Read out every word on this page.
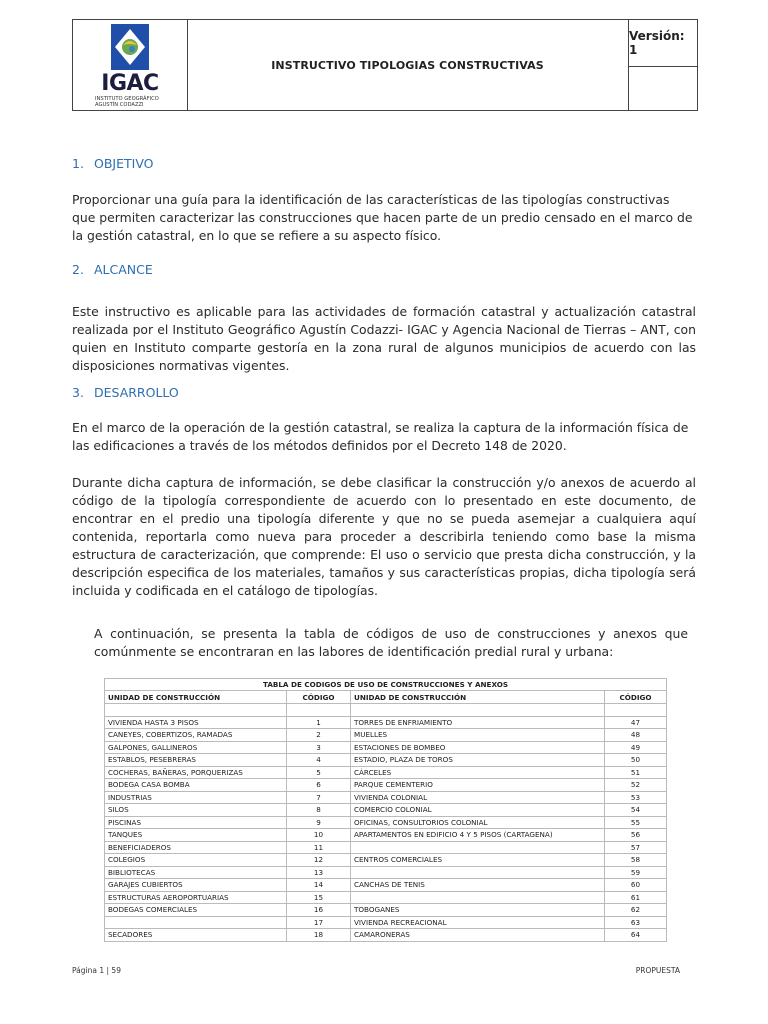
IGAC
INSTITUTO GEOGRÁFICO AGUSTÍN CODAZZI
INSTRUCTIVO TIPOLOGIAS CONSTRUCTIVAS
Versión: 1
1. OBJETIVO
Proporcionar una guía para la identificación de las características de las tipologías constructivas que permiten caracterizar las construcciones que hacen parte de un predio censado en el marco de la gestión catastral, en lo que se refiere a su aspecto físico.
2. ALCANCE
Este instructivo es aplicable para las actividades de formación catastral y actualización catastral realizada por el Instituto Geográfico Agustín Codazzi- IGAC y Agencia Nacional de Tierras – ANT, con quien en Instituto comparte gestoría en la zona rural de algunos municipios de acuerdo con las disposiciones normativas vigentes.
3. DESARROLLO
En el marco de la operación de la gestión catastral, se realiza la captura de la información física de las edificaciones a través de los métodos definidos por el Decreto 148 de 2020.
Durante dicha captura de información, se debe clasificar la construcción y/o anexos de acuerdo al código de la tipología correspondiente de acuerdo con lo presentado en este documento, de encontrar en el predio una tipología diferente y que no se pueda asemejar a cualquiera aquí contenida, reportarla como nueva para proceder a describirla teniendo como base la misma estructura de caracterización, que comprende: El uso o servicio que presta dicha construcción, y la descripción especifica de los materiales, tamaños y sus características propias, dicha tipología será incluida y codificada en el catálogo de tipologías.
A continuación, se presenta la tabla de códigos de uso de construcciones y anexos que comúnmente se encontraran en las labores de identificación predial rural y urbana:
TABLA DE CODIGOS DE USO DE CONSTRUCCIONES Y ANEXOS			
UNIDAD DE CONSTRUCCIÓN	CÓDIGO	UNIDAD DE CONSTRUCCIÓN	CÓDIGO

VIVIENDA HASTA 3 PISOS	1	TORRES DE ENFRIAMIENTO	47
CANEYES, COBERTIZOS, RAMADAS	2	MUELLES	48
GALPONES, GALLINEROS	3	ESTACIONES DE BOMBEO	49
ESTABLOS, PESEBRERAS	4	ESTADIO, PLAZA DE TOROS	50
COCHERAS, BAÑERAS, PORQUERIZAS	5	CÁRCELES	51
BODEGA CASA BOMBA	6	PARQUE CEMENTERIO	52
INDUSTRIAS	7	VIVIENDA COLONIAL	53
SILOS	8	COMERCIO COLONIAL	54
PISCINAS	9	OFICINAS, CONSULTORIOS COLONIAL	55
TANQUES	10	APARTAMENTOS EN EDIFICIO 4 Y 5 PISOS (CARTAGENA)	56
BENEFICIADEROS	11		57
COLEGIOS	12	CENTROS COMERCIALES	58
BIBLIOTECAS	13		59
GARAJES CUBIERTOS	14	CANCHAS DE TENIS	60
ESTRUCTURAS AEROPORTUARIAS	15		61
BODEGAS COMERCIALES	16	TOBOGANES	62
	17	VIVIENDA RECREACIONAL	63
SECADORES	18	CAMARONERAS	64
Página 1 | 59	PROPUESTA
